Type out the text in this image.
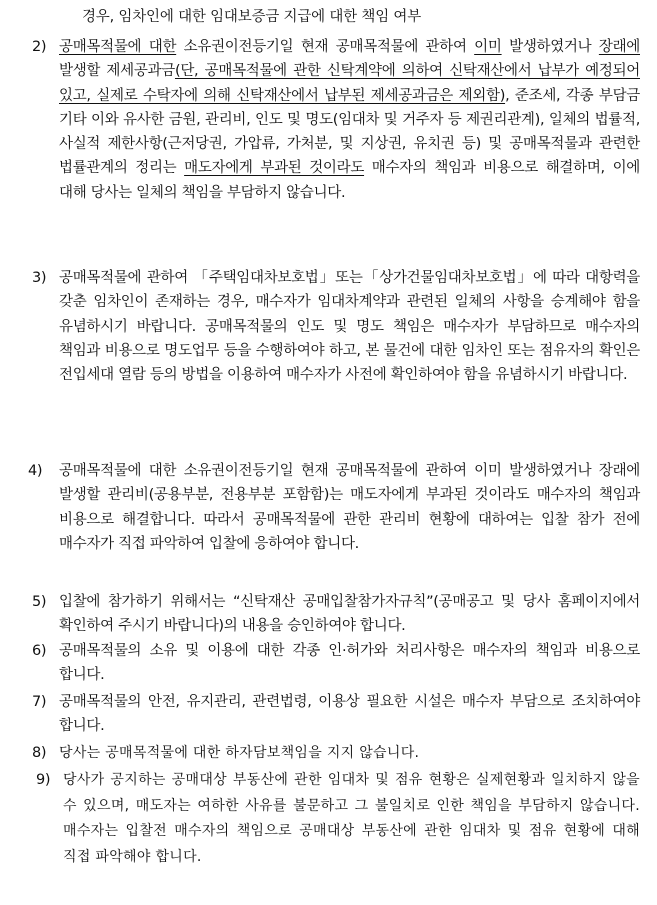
경우, 임차인에 대한 임대보증금 지급에 대한 책임 여부
2) 공매목적물에 대한 소유권이전등기일 현재 공매목적물에 관하여 이미 발생하였거나 장래에 발생할 제세공과금(단, 공매목적물에 관한 신탁계약에 의하여 신탁재산에서 납부가 예정되어 있고, 실제로 수탁자에 의해 신탁재산에서 납부된 제세공과금은 제외함), 준조세, 각종 부담금 기타 이와 유사한 금원, 관리비, 인도 및 명도(임대차 및 거주자 등 제권리관계), 일체의 법률적, 사실적 제한사항(근저당권, 가압류, 가처분, 및 지상권, 유치권 등) 및 공매목적물과 관련한 법률관계의 정리는 매도자에게 부과된 것이라도 매수자의 책임과 비용으로 해결하며, 이에 대해 당사는 일체의 책임을 부담하지 않습니다.
3) 공매목적물에 관하여 「주택임대차보호법」또는「상가건물임대차보호법」에 따라 대항력을 갖춘 임차인이 존재하는 경우, 매수자가 임대차계약과 관련된 일체의 사항을 승계해야 함을 유념하시기 바랍니다. 공매목적물의 인도 및 명도 책임은 매수자가 부담하므로 매수자의 책임과 비용으로 명도업무 등을 수행하여야 하고, 본 물건에 대한 임차인 또는 점유자의 확인은 전입세대 열람 등의 방법을 이용하여 매수자가 사전에 확인하여야 함을 유념하시기 바랍니다.
4)	공매목적물에 대한 소유권이전등기일 현재 공매목적물에 관하여 이미 발생하였거나 장래에 발생할 관리비(공용부분, 전용부분 포함함)는 매도자에게 부과된 것이라도 매수자의 책임과 비용으로 해결합니다. 따라서 공매목적물에 관한 관리비 현황에 대하여는 입찰 참가 전에 매수자가 직접 파악하여 입찰에 응하여야 합니다.
5) 입찰에 참가하기 위해서는 “신탁재산 공매입찰참가자규칙”(공매공고 및 당사 홈페이지에서 확인하여 주시기 바랍니다)의 내용을 승인하여야 합니다.
6) 공매목적물의 소유 및 이용에 대한 각종 인·허가와 처리사항은 매수자의 책임과 비용으로 합니다.
7) 공매목적물의 안전, 유지관리, 관련법령, 이용상 필요한 시설은 매수자 부담으로 조치하여야 합니다.
8) 당사는 공매목적물에 대한 하자담보책임을 지지 않습니다.
9) 당사가 공지하는 공매대상 부동산에 관한 임대차 및 점유 현황은 실제현황과 일치하지 않을 수 있으며, 매도자는 여하한 사유를 불문하고 그 불일치로 인한 책임을 부담하지 않습니다. 매수자는 입찰전 매수자의 책임으로 공매대상 부동산에 관한 임대차 및 점유 현황에 대해 직접 파악해야 합니다.
